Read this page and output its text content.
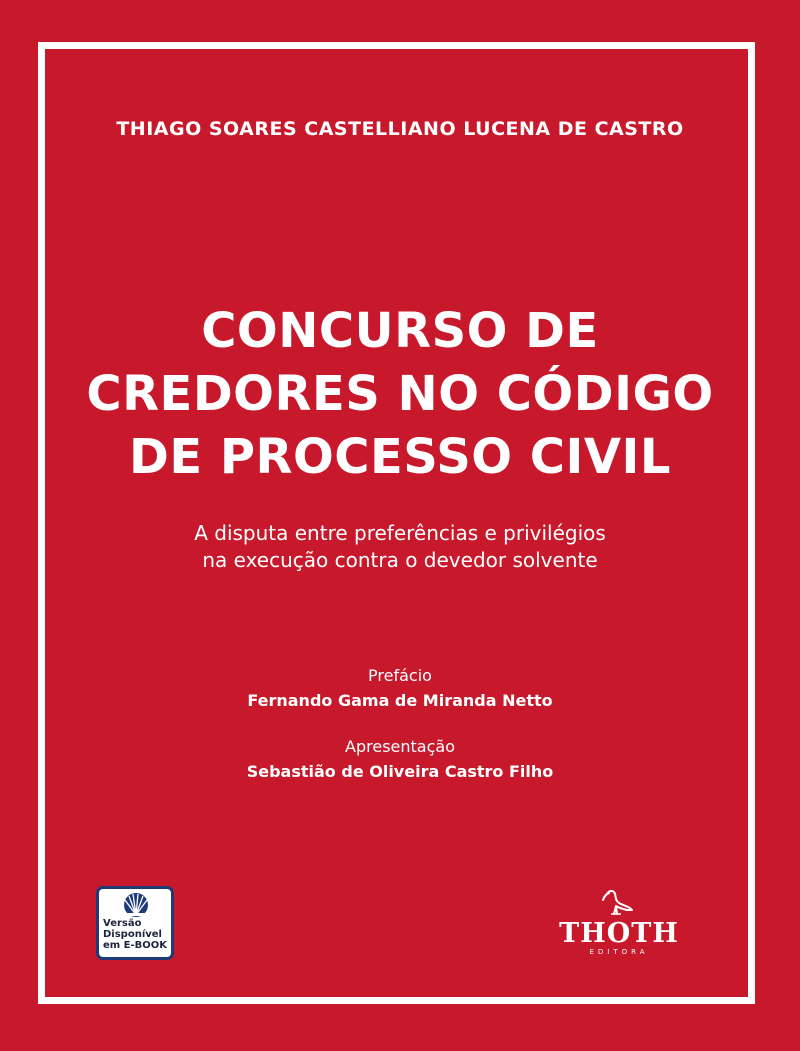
THIAGO SOARES CASTELLIANO LUCENA DE CASTRO
CONCURSO DE
CREDORES NO CÓDIGO
DE PROCESSO CIVIL
A disputa entre preferências e privilégios
na execução contra o devedor solvente
Prefácio
Fernando Gama de Miranda Netto
Apresentação
Sebastião de Oliveira Castro Filho
Versão
Disponível
em E-BOOK	THOTH
EDITORA
